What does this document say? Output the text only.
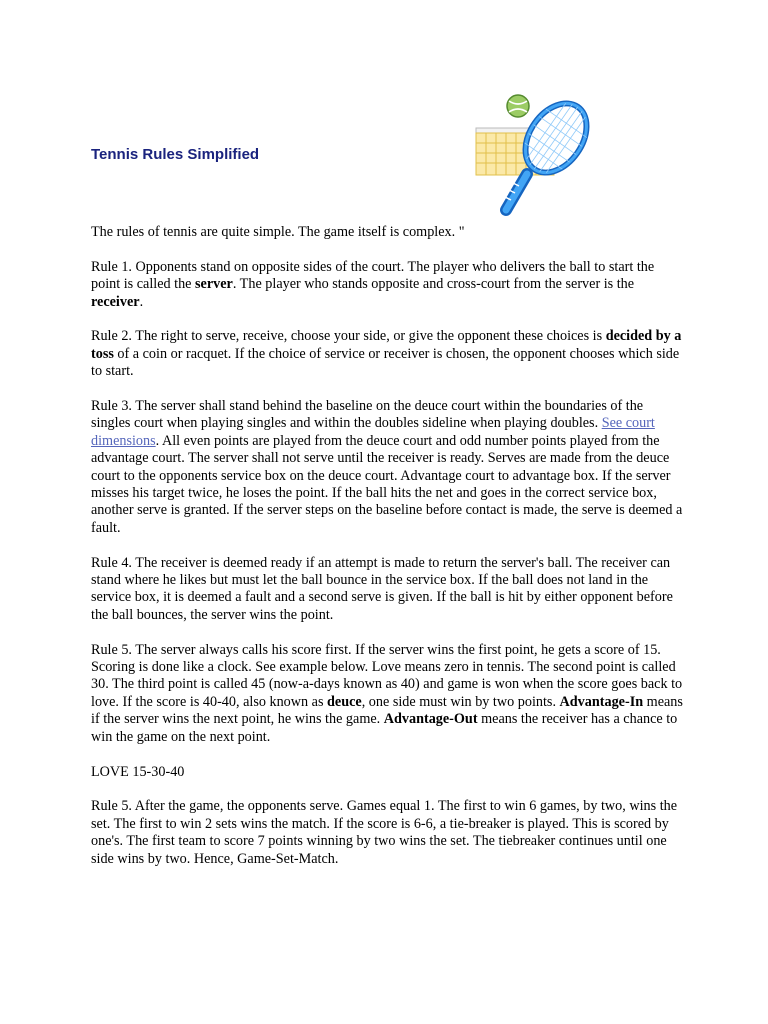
Tennis Rules Simplified

The rules of tennis are quite simple. The game itself is complex. "

Rule 1. Opponents stand on opposite sides of the court. The player who delivers the ball to start the point is called the server. The player who stands opposite and cross-court from the server is the receiver.

Rule 2. The right to serve, receive, choose your side, or give the opponent these choices is decided by a toss of a coin or racquet. If the choice of service or receiver is chosen, the opponent chooses which side to start.

Rule 3. The server shall stand behind the baseline on the deuce court within the boundaries of the singles court when playing singles and within the doubles sideline when playing doubles. See court dimensions. All even points are played from the deuce court and odd number points played from the advantage court. The server shall not serve until the receiver is ready. Serves are made from the deuce court to the opponents service box on the deuce court. Advantage court to advantage box. If the server misses his target twice, he loses the point. If the ball hits the net and goes in the correct service box, another serve is granted. If the server steps on the baseline before contact is made, the serve is deemed a fault.

Rule 4. The receiver is deemed ready if an attempt is made to return the server's ball. The receiver can stand where he likes but must let the ball bounce in the service box. If the ball does not land in the service box, it is deemed a fault and a second serve is given. If the ball is hit by either opponent before the ball bounces, the server wins the point.

Rule 5. The server always calls his score first. If the server wins the first point, he gets a score of 15. Scoring is done like a clock. See example below. Love means zero in tennis. The second point is called 30. The third point is called 45 (now-a-days known as 40) and game is won when the score goes back to love. If the score is 40-40, also known as deuce, one side must win by two points. Advantage-In means if the server wins the next point, he wins the game. Advantage-Out means the receiver has a chance to win the game on the next point.

LOVE 15-30-40

Rule 5. After the game, the opponents serve. Games equal 1. The first to win 6 games, by two, wins the set. The first to win 2 sets wins the match. If the score is 6-6, a tie-breaker is played. This is scored by one's. The first team to score 7 points winning by two wins the set. The tiebreaker continues until one side wins by two. Hence, Game-Set-Match.
